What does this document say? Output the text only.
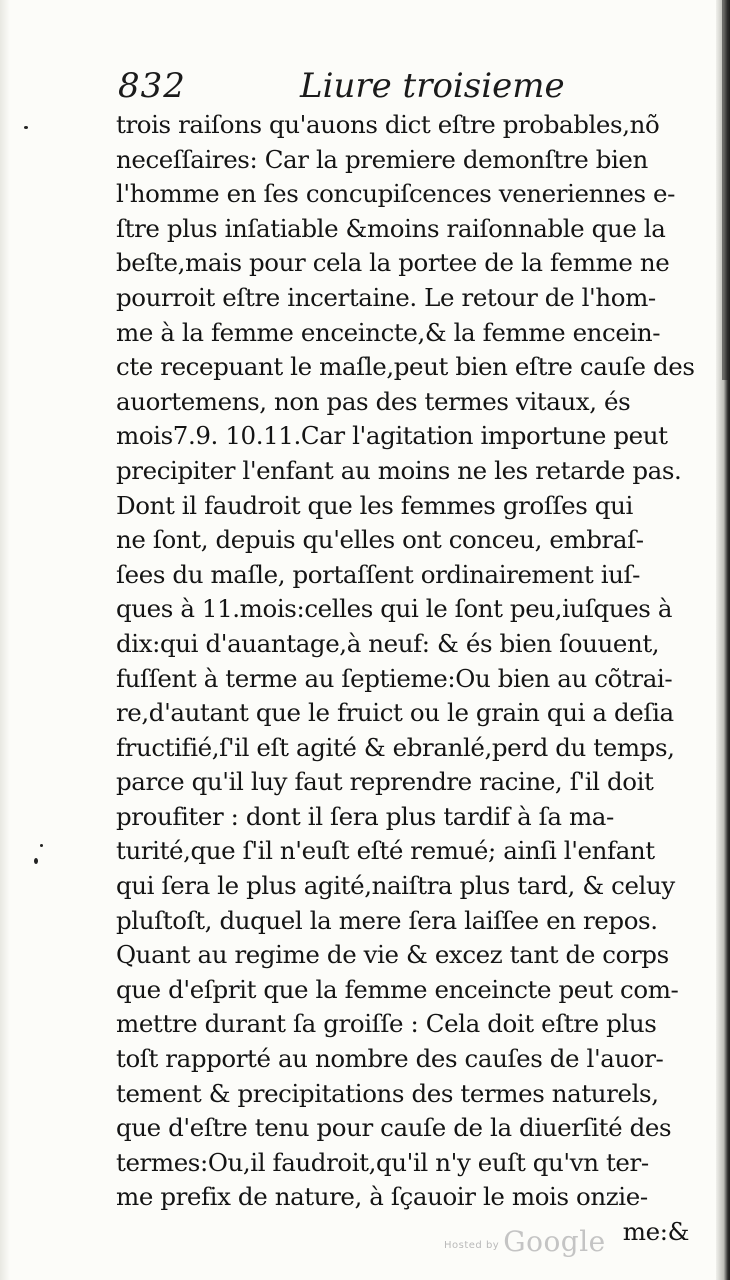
832	Liure troisieme
trois raiſons qu'auons dict eſtre probables,nõ
neceſſaires: Car la premiere demonſtre bien
l'homme en ſes concupiſcences veneriennes e-
ſtre plus inſatiable &moins raiſonnable que la
beſte,mais pour cela la portee de la femme ne
pourroit eſtre incertaine. Le retour de l'hom-
me à la femme enceincte,& la femme encein-
cte recepuant le maſle,peut bien eſtre cauſe des
auortemens, non pas des termes vitaux, és
mois7.9. 10.11.Car l'agitation importune peut
precipiter l'enfant au moins ne les retarde pas.
Dont il faudroit que les femmes groſſes qui
ne ſont, depuis qu'elles ont conceu, embraſ-
ſees du maſle, portaſſent ordinairement iuſ-
ques à 11.mois:celles qui le ſont peu,iuſques à
dix:qui d'auantage,à neuf: & és bien ſouuent,
fuſſent à terme au ſeptieme:Ou bien au cõtrai-
re,d'autant que le fruict ou le grain qui a deſia
fructifié,ſ'il eſt agité & ebranlé,perd du temps,
parce qu'il luy faut reprendre racine, ſ'il doit
proufiter : dont il ſera plus tardif à ſa ma-
turité,que ſ'il n'euſt eſté remué; ainſi l'enfant
qui ſera le plus agité,naiſtra plus tard, & celuy
pluſtoſt, duquel la mere ſera laiſſee en repos.
Quant au regime de vie & excez tant de corps
que d'eſprit que la femme enceincte peut com-
mettre durant ſa groiſſe : Cela doit eſtre plus
toſt rapporté au nombre des cauſes de l'auor-
tement & precipitations des termes naturels,
que d'eſtre tenu pour cauſe de la diuerſité des
termes:Ou,il faudroit,qu'il n'y euſt qu'vn ter-
me prefix de nature, à ſçauoir le mois onzie-
me:&
Hosted by Google
